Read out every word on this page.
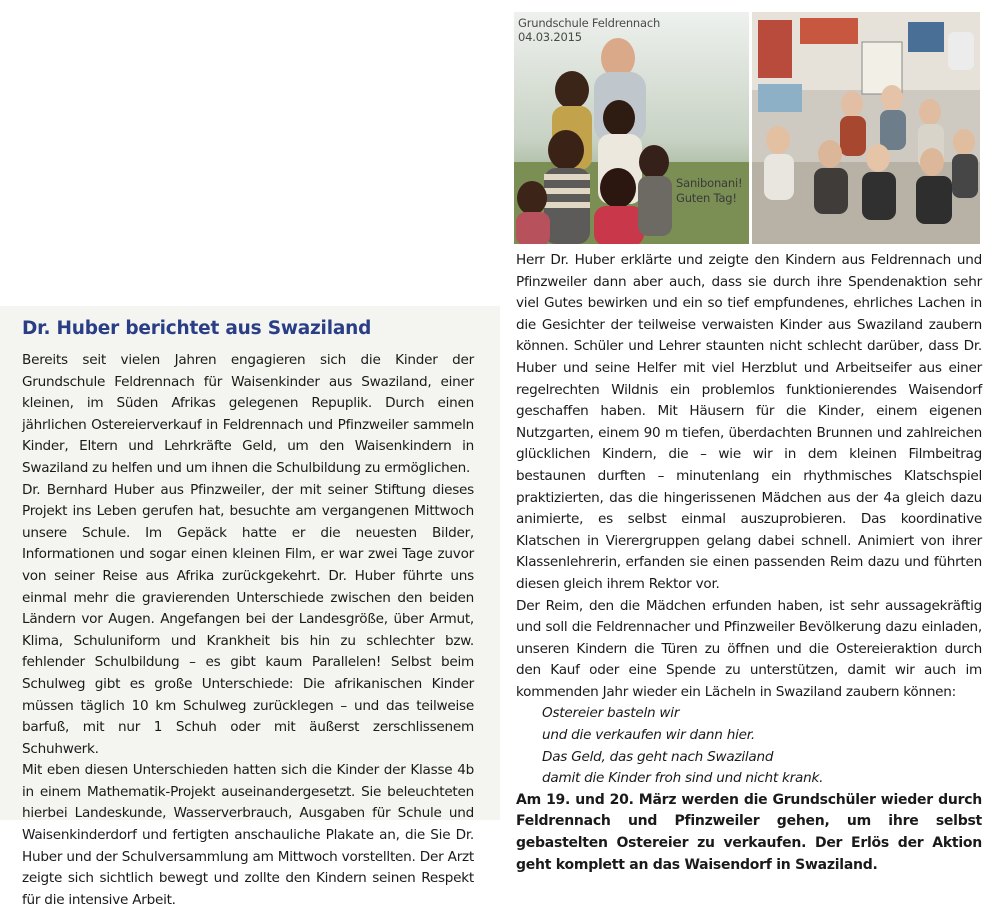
Grundschule Feldrennach
04.03.2015
Sanibonani!
Guten Tag!
Dr. Huber berichtet aus Swaziland

Bereits seit vielen Jahren engagieren sich die Kinder der Grundschule Feldrennach für Waisenkinder aus Swaziland, einer kleinen, im Süden Afrikas gelegenen Repuplik. Durch einen jährlichen Ostereierverkauf in Feldrennach und Pfinzweiler sammeln Kinder, Eltern und Lehrkräfte Geld, um den Waisenkindern in Swaziland zu helfen und um ihnen die Schulbildung zu ermöglichen.

Dr. Bernhard Huber aus Pfinzweiler, der mit seiner Stiftung dieses Projekt ins Leben gerufen hat, besuchte am vergangenen Mittwoch unsere Schule. Im Gepäck hatte er die neuesten Bilder, Informationen und sogar einen kleinen Film, er war zwei Tage zuvor von seiner Reise aus Afrika zurückgekehrt. Dr. Huber führte uns einmal mehr die gravierenden Unterschiede zwischen den beiden Ländern vor Augen. Angefangen bei der Landesgröße, über Armut, Klima, Schuluniform und Krankheit bis hin zu schlechter bzw. fehlender Schulbildung – es gibt kaum Parallelen! Selbst beim Schulweg gibt es große Unterschiede: Die afrikanischen Kinder müssen täglich 10 km Schulweg zurücklegen – und das teilweise barfuß, mit nur 1 Schuh oder mit äußerst zerschlissenem Schuhwerk.

Mit eben diesen Unterschieden hatten sich die Kinder der Klasse 4b in einem Mathematik-Projekt auseinandergesetzt. Sie beleuchteten hierbei Landeskunde, Wasserverbrauch, Ausgaben für Schule und Waisenkinderdorf und fertigten anschauliche Plakate an, die Sie Dr. Huber und der Schulversammlung am Mittwoch vorstellten. Der Arzt zeigte sich sichtlich bewegt und zollte den Kindern seinen Respekt für die intensive Arbeit.

Herr Dr. Huber erklärte und zeigte den Kindern aus Feldrennach und Pfinzweiler dann aber auch, dass sie durch ihre Spendenaktion sehr viel Gutes bewirken und ein so tief empfundenes, ehrliches Lachen in die Gesichter der teilweise verwaisten Kinder aus Swaziland zaubern können. Schüler und Lehrer staunten nicht schlecht darüber, dass Dr. Huber und seine Helfer mit viel Herzblut und Arbeitseifer aus einer regelrechten Wildnis ein problemlos funktionierendes Waisendorf geschaffen haben. Mit Häusern für die Kinder, einem eigenen Nutzgarten, einem 90 m tiefen, überdachten Brunnen und zahlreichen glücklichen Kindern, die – wie wir in dem kleinen Filmbeitrag bestaunen durften – minutenlang ein rhythmisches Klatschspiel praktizierten, das die hingerissenen Mädchen aus der 4a gleich dazu animierte, es selbst einmal auszuprobieren. Das koordinative Klatschen in Vierergruppen gelang dabei schnell. Animiert von ihrer Klassenlehrerin, erfanden sie einen passenden Reim dazu und führten diesen gleich ihrem Rektor vor.

Der Reim, den die Mädchen erfunden haben, ist sehr aussagekräftig und soll die Feldrennacher und Pfinzweiler Bevölkerung dazu einladen, unseren Kindern die Türen zu öffnen und die Ostereieraktion durch den Kauf oder eine Spende zu unterstützen, damit wir auch im kommenden Jahr wieder ein Lächeln in Swaziland zaubern können:

Ostereier basteln wir
und die verkaufen wir dann hier.
Das Geld, das geht nach Swaziland
damit die Kinder froh sind und nicht krank.

Am 19. und 20. März werden die Grundschüler wieder durch Feldrennach und Pfinzweiler gehen, um ihre selbst gebastelten Ostereier zu verkaufen. Der Erlös der Aktion geht komplett an das Waisendorf in Swaziland.
